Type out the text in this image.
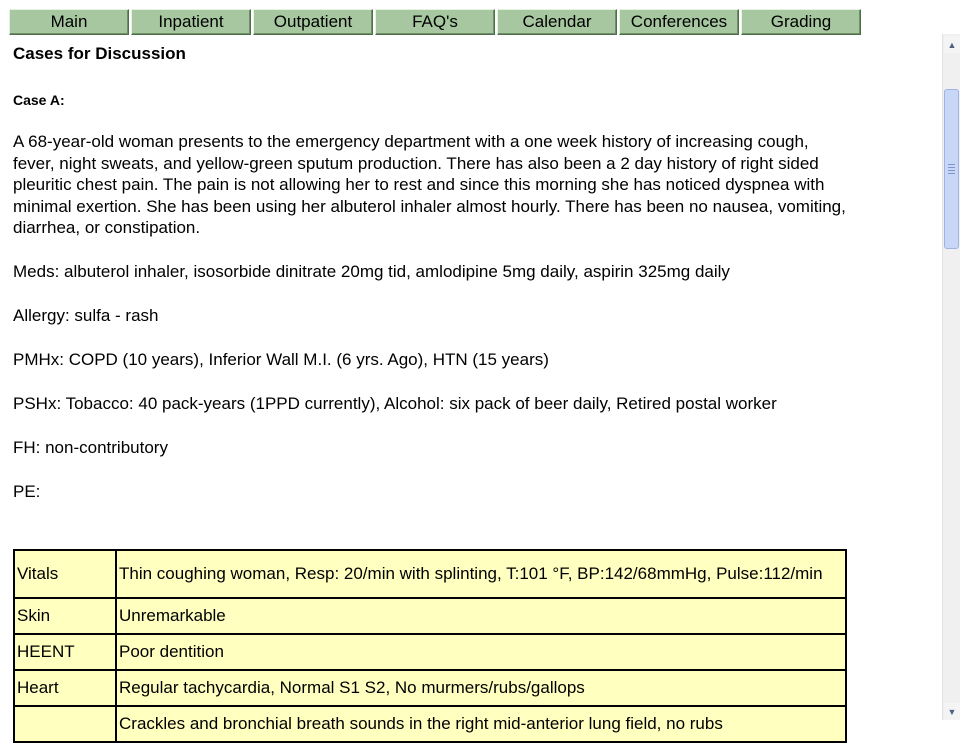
Main	Inpatient	Outpatient	FAQ's	Calendar	Conferences	Grading
Cases for Discussion
Case A:

A 68-year-old woman presents to the emergency department with a one week history of increasing cough, fever, night sweats, and yellow-green sputum production. There has also been a 2 day history of right sided pleuritic chest pain. The pain is not allowing her to rest and since this morning she has noticed dyspnea with minimal exertion. She has been using her albuterol inhaler almost hourly. There has been no nausea, vomiting, diarrhea, or constipation.

Meds: albuterol inhaler, isosorbide dinitrate 20mg tid, amlodipine 5mg daily, aspirin 325mg daily

Allergy: sulfa - rash

PMHx: COPD (10 years), Inferior Wall M.I. (6 yrs. Ago), HTN (15 years)

PSHx: Tobacco: 40 pack-years (1PPD currently), Alcohol: six pack of beer daily, Retired postal worker

FH: non-contributory

PE:

Vitals	Thin coughing woman, Resp: 20/min with splinting, T:101 °F, BP:142/68mmHg, Pulse:112/min
Skin	Unremarkable
HEENT	Poor dentition
Heart	Regular tachycardia, Normal S1 S2, No murmers/rubs/gallops
	Crackles and bronchial breath sounds in the right mid-anterior lung field, no rubs
▲
▼
